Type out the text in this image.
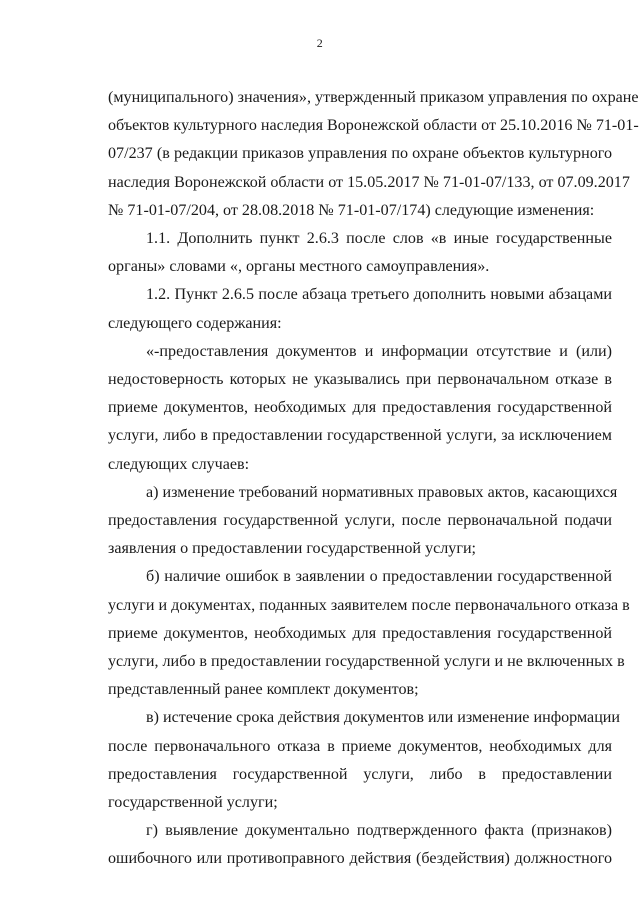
2

(муниципального) значения», утвержденный приказом управления по охране
объектов культурного наследия Воронежской области от 25.10.2016 № 71-01-
07/237 (в редакции приказов управления по охране объектов культурного
наследия Воронежской области от 15.05.2017 № 71-01-07/133, от 07.09.2017
№ 71-01-07/204, от 28.08.2018 № 71-01-07/174) следующие изменения:

1.1. Дополнить пункт 2.6.3 после слов «в иные государственные
органы» словами «, органы местного самоуправления».

1.2. Пункт 2.6.5 после абзаца третьего дополнить новыми абзацами
следующего содержания:

«-предоставления документов и информации отсутствие и (или)
недостоверность которых не указывались при первоначальном отказе в
приеме документов, необходимых для предоставления государственной
услуги, либо в предоставлении государственной услуги, за исключением
следующих случаев:

а) изменение требований нормативных правовых актов, касающихся
предоставления государственной услуги, после первоначальной подачи
заявления о предоставлении государственной услуги;

б) наличие ошибок в заявлении о предоставлении государственной
услуги и документах, поданных заявителем после первоначального отказа в
приеме документов, необходимых для предоставления государственной
услуги, либо в предоставлении государственной услуги и не включенных в
представленный ранее комплект документов;

в) истечение срока действия документов или изменение информации
после первоначального отказа в приеме документов, необходимых для
предоставления государственной услуги, либо в предоставлении
государственной услуги;

г) выявление документально подтвержденного факта (признаков)
ошибочного или противоправного действия (бездействия) должностного
